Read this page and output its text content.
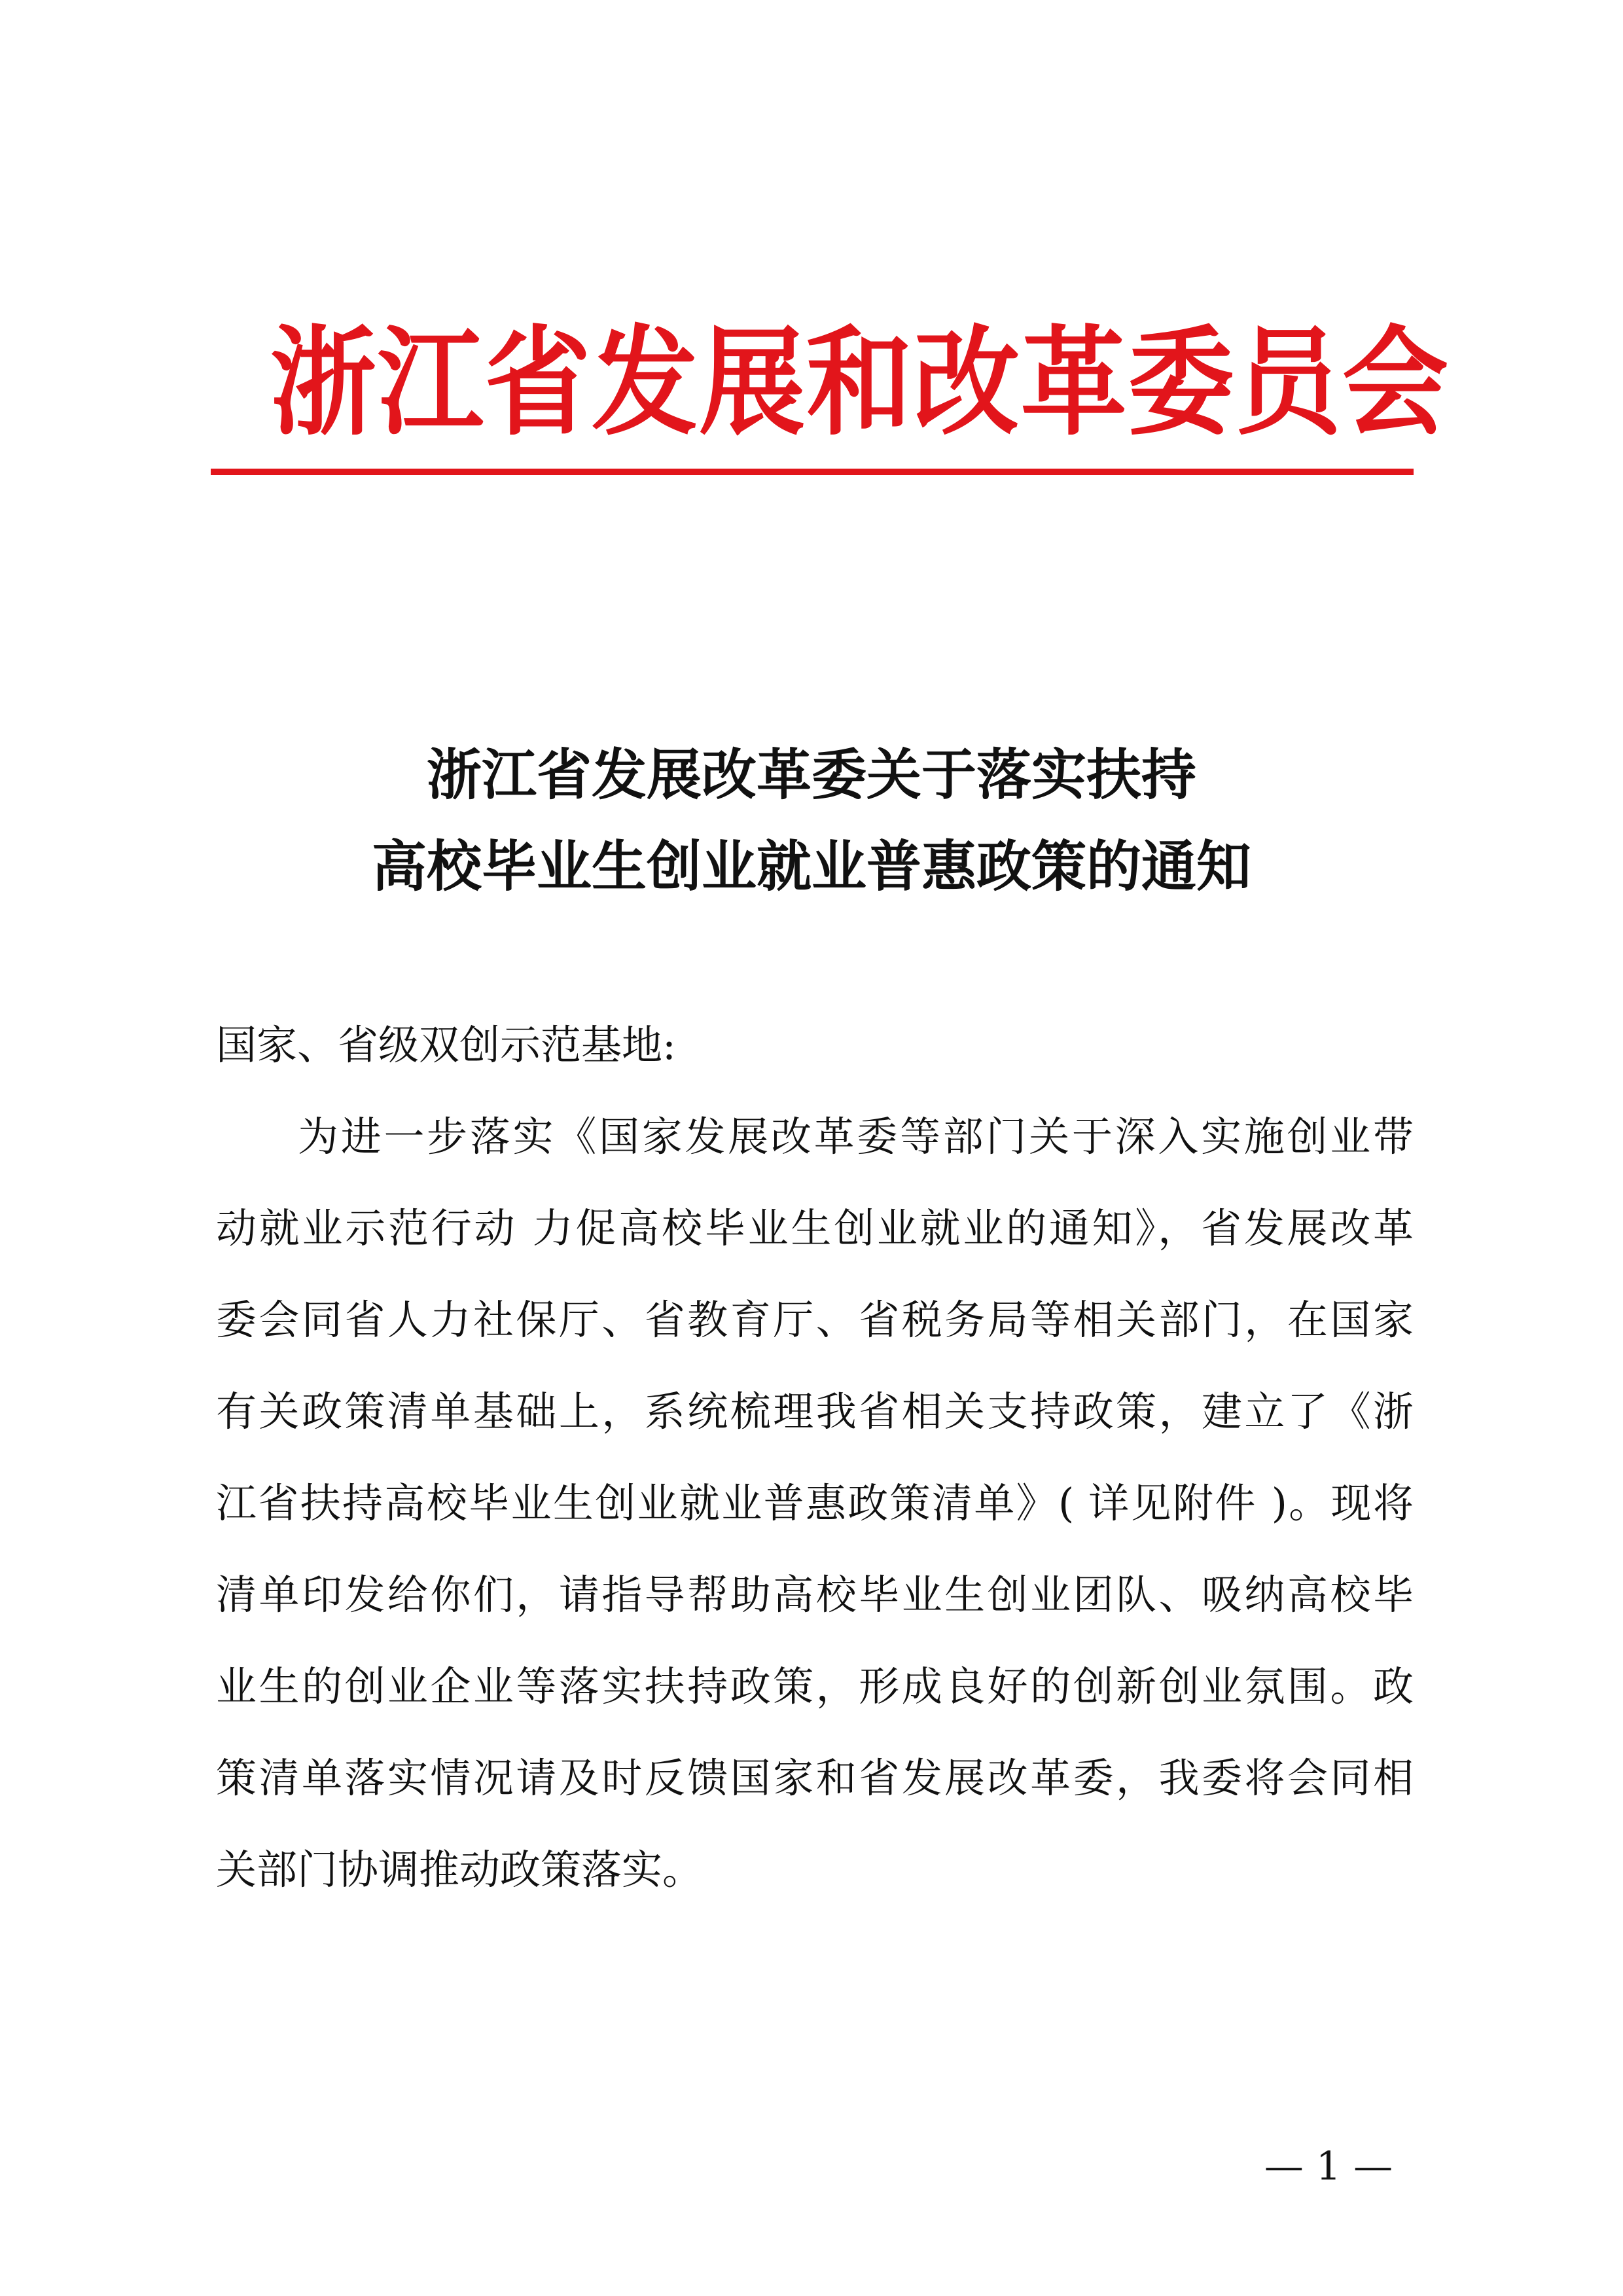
浙江省发展和改革委员会
浙江省发展改革委关于落实扶持
高校毕业生创业就业普惠政策的通知
国家、省级双创示范基地:
为进一步落实《国家发展改革委等部门关于深入实施创业带
动就业示范行动 力促高校毕业生创业就业的通知》，省发展改革
委会同省人力社保厅、省教育厅、省税务局等相关部门，在国家
有关政策清单基础上，系统梳理我省相关支持政策，建立了《浙
江省扶持高校毕业生创业就业普惠政策清单》( 详见附件 )。现将
清单印发给你们，请指导帮助高校毕业生创业团队、吸纳高校毕
业生的创业企业等落实扶持政策，形成良好的创新创业氛围。政
策清单落实情况请及时反馈国家和省发展改革委，我委将会同相
关部门协调推动政策落实。
— 1 —
